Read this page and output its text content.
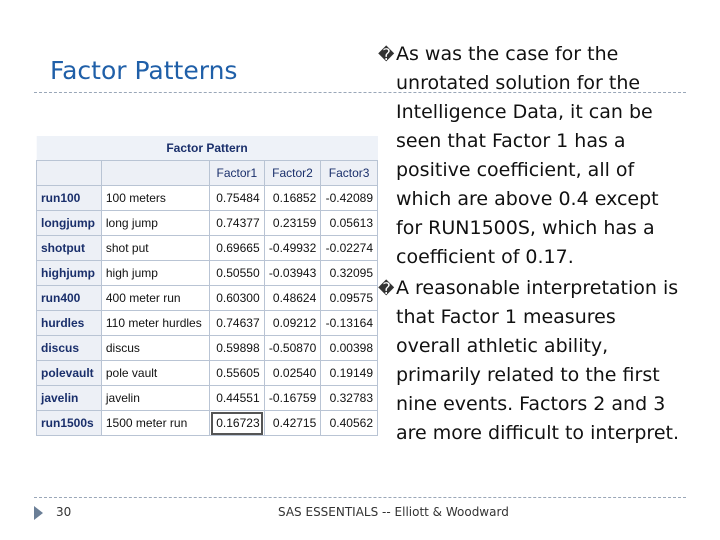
Factor Patterns
Factor Pattern				
		Factor1	Factor2	Factor3
run100	100 meters	0.75484	0.16852	-0.42089
longjump	long jump	0.74377	0.23159	0.05613
shotput	shot put	0.69665	-0.49932	-0.02274
highjump	high jump	0.50550	-0.03943	0.32095
run400	400 meter run	0.60300	0.48624	0.09575
hurdles	110 meter hurdles	0.74637	0.09212	-0.13164
discus	discus	0.59898	-0.50870	0.00398
polevault	pole vault	0.55605	0.02540	0.19149
javelin	javelin	0.44551	-0.16759	0.32783
run1500s	1500 meter run	0.16723	0.42715	0.40562

� As was the case for the unrotated solution for the Intelligence Data, it can be seen that Factor 1 has a positive coefficient, all of which are above 0.4 except for RUN1500S, which has a coefficient of 0.17.

� A reasonable interpretation is that Factor 1 measures overall athletic ability, primarily related to the first nine events. Factors 2 and 3 are more difficult to interpret.

30	SAS ESSENTIALS -- Elliott & Woodward
